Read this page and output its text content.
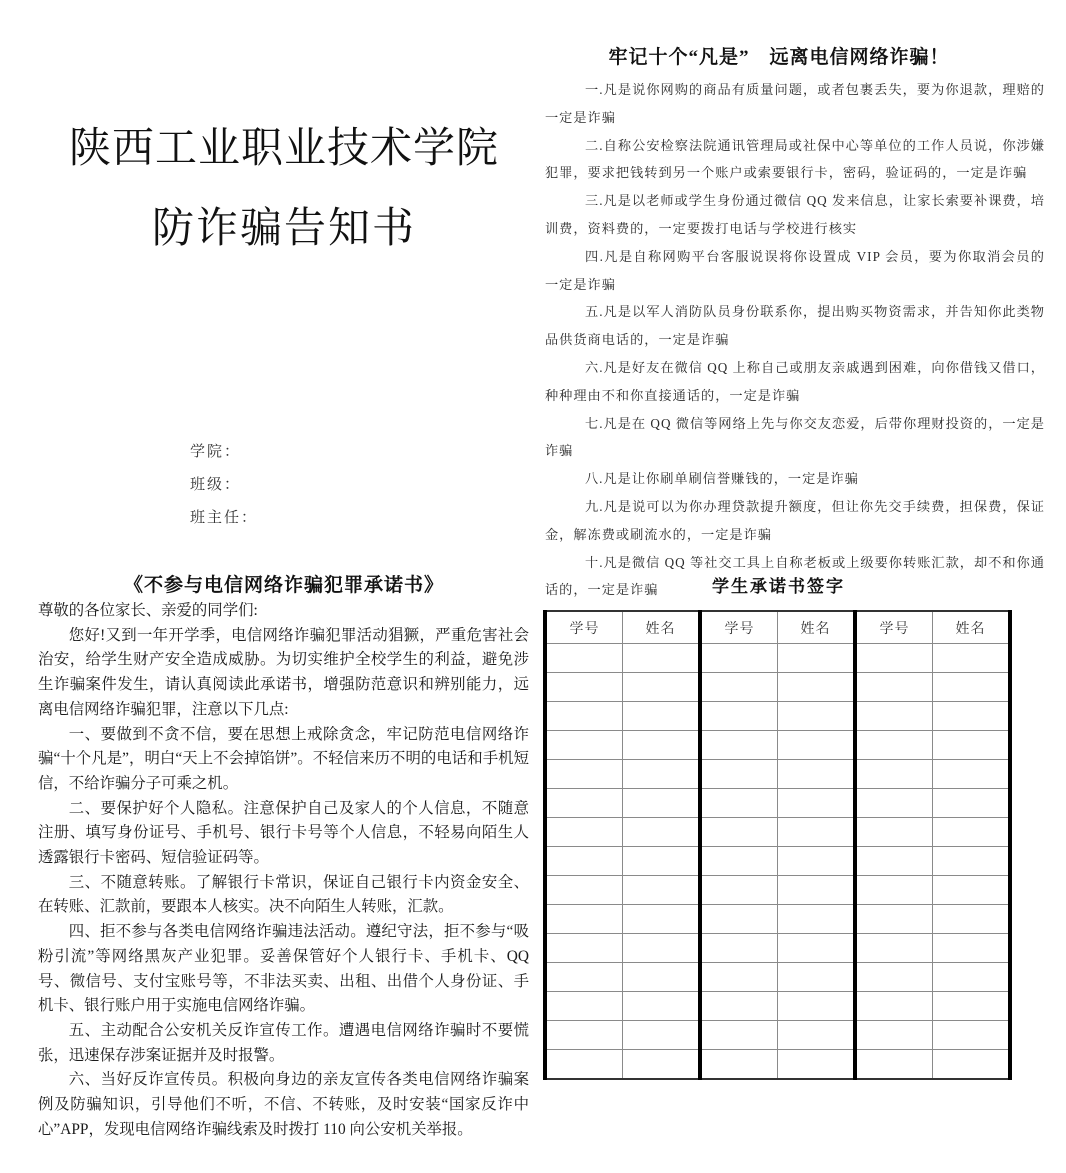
陕西工业职业技术学院
防诈骗告知书
学院：
班级：
班主任：
《不参与电信网络诈骗犯罪承诺书》

尊敬的各位家长、亲爱的同学们:

您好!又到一年开学季，电信网络诈骗犯罪活动猖獗，严重危害社会治安，给学生财产安全造成威胁。为切实维护全校学生的利益，避免涉生诈骗案件发生，请认真阅读此承诺书，增强防范意识和辨别能力，远离电信网络诈骗犯罪，注意以下几点:

一、要做到不贪不信，要在思想上戒除贪念，牢记防范电信网络诈骗“十个凡是”，明白“天上不会掉馅饼”。不轻信来历不明的电话和手机短信，不给诈骗分子可乘之机。

二、要保护好个人隐私。注意保护自己及家人的个人信息，不随意注册、填写身份证号、手机号、银行卡号等个人信息，不轻易向陌生人透露银行卡密码、短信验证码等。

三、不随意转账。了解银行卡常识，保证自己银行卡内资金安全、在转账、汇款前，要跟本人核实。决不向陌生人转账，汇款。

四、拒不参与各类电信网络诈骗违法活动。遵纪守法，拒不参与“吸粉引流”等网络黑灰产业犯罪。妥善保管好个人银行卡、手机卡、QQ 号、微信号、支付宝账号等，不非法买卖、出租、出借个人身份证、手机卡、银行账户用于实施电信网络诈骗。

五、主动配合公安机关反诈宣传工作。遭遇电信网络诈骗时不要慌张，迅速保存涉案证据并及时报警。

六、当好反诈宣传员。积极向身边的亲友宣传各类电信网络诈骗案例及防骗知识，引导他们不听，不信、不转账，及时安装“国家反诈中心”APP，发现电信网络诈骗线索及时拨打 110 向公安机关举报。

牢记十个“凡是”　远离电信网络诈骗！

一.凡是说你网购的商品有质量问题，或者包裹丢失，要为你退款，理赔的一定是诈骗

二.自称公安检察法院通讯管理局或社保中心等单位的工作人员说，你涉嫌犯罪，要求把钱转到另一个账户或索要银行卡，密码，验证码的，一定是诈骗

三.凡是以老师或学生身份通过微信 QQ 发来信息，让家长索要补课费，培训费，资料费的，一定要拨打电话与学校进行核实

四.凡是自称网购平台客服说误将你设置成 VIP 会员，要为你取消会员的一定是诈骗

五.凡是以军人消防队员身份联系你，提出购买物资需求，并告知你此类物品供货商电话的，一定是诈骗

六.凡是好友在微信 QQ 上称自己或朋友亲戚遇到困难，向你借钱又借口，种种理由不和你直接通话的，一定是诈骗

七.凡是在 QQ 微信等网络上先与你交友恋爱，后带你理财投资的，一定是诈骗

八.凡是让你刷单刷信誉赚钱的，一定是诈骗

九.凡是说可以为你办理贷款提升额度，但让你先交手续费，担保费，保证金，解冻费或刷流水的，一定是诈骗

十.凡是微信 QQ 等社交工具上自称老板或上级要你转账汇款，却不和你通话的，一定是诈骗	学生承诺书签字
学号	姓名	学号	姓名	学号	姓名
